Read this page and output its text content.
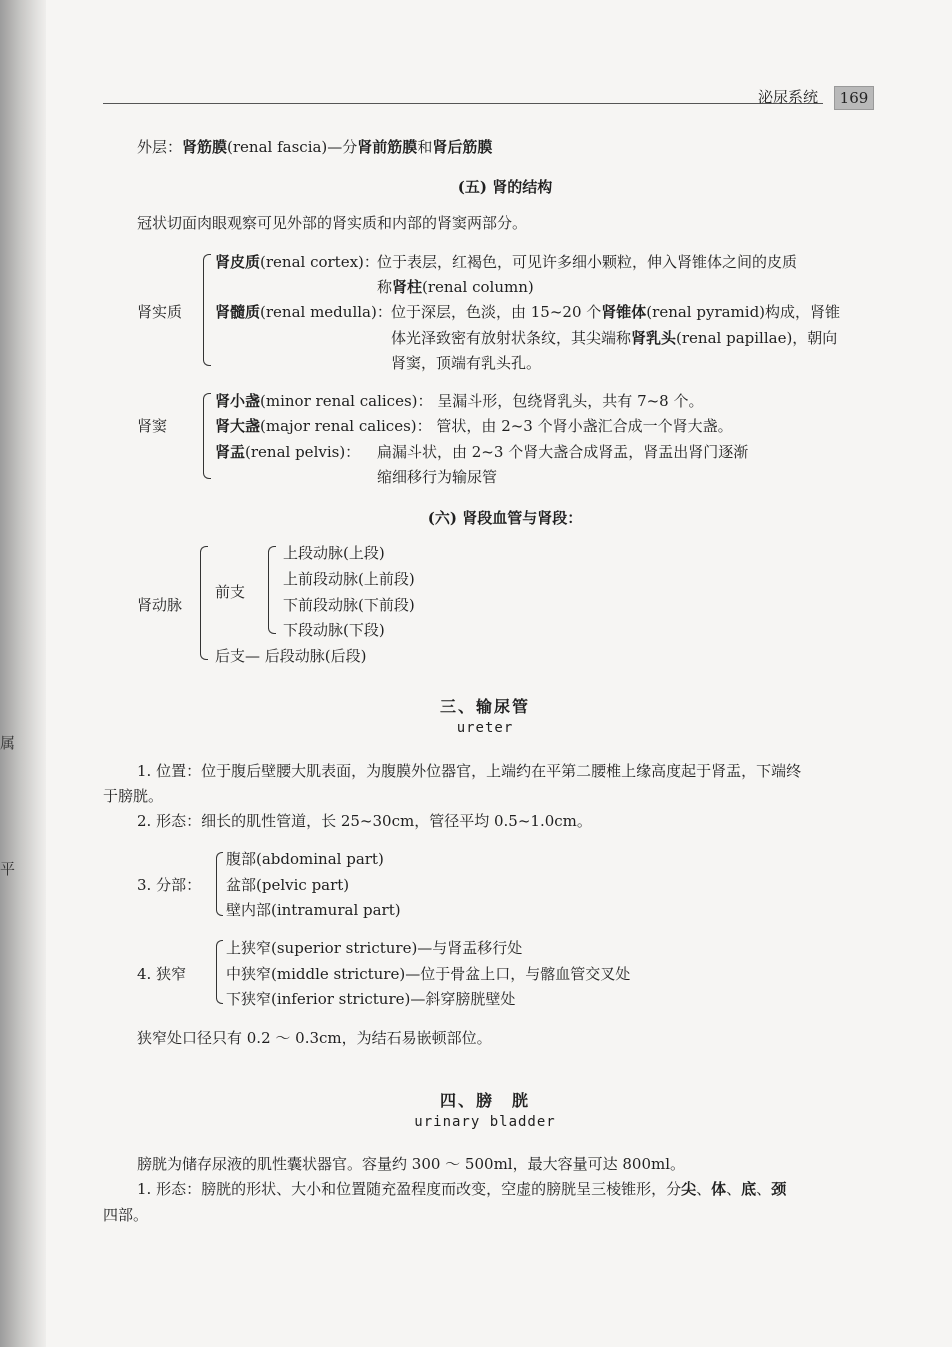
属
平
泌尿系统	169
外层：肾筋膜(renal fascia)—分肾前筋膜和肾后筋膜
(五) 肾的结构
冠状切面肉眼观察可见外部的肾实质和内部的肾窦两部分。
肾实质
肾皮质(renal cortex)：
位于表层，红褐色，可见许多细小颗粒，伸入肾锥体之间的皮质
称肾柱(renal column)
肾髓质(renal medulla)： 位于深层，色淡，由 15~20 个肾锥体(renal pyramid)构成，肾锥
体光泽致密有放射状条纹，其尖端称肾乳头(renal papillae)，朝向
肾窦，顶端有乳头孔。
肾窦
肾小盏(minor renal calices)： 呈漏斗形，包绕肾乳头，共有 7~8 个。
肾大盏(major renal calices)： 管状，由 2~3 个肾小盏汇合成一个肾大盏。
肾盂(renal pelvis)： 扁漏斗状，由 2~3 个肾大盏合成肾盂，肾盂出肾门逐渐
缩细移行为输尿管
(六) 肾段血管与肾段：
肾动脉
前支
上段动脉(上段)
上前段动脉(上前段)
下前段动脉(下前段)
下段动脉(下段)
后支— 后段动脉(后段)
三、输尿管
ureter
1. 位置：位于腹后壁腰大肌表面，为腹膜外位器官，上端约在平第二腰椎上缘高度起于肾盂，下端终
于膀胱。
2. 形态：细长的肌性管道，长 25~30cm，管径平均 0.5~1.0cm。
3. 分部：
腹部(abdominal part)
盆部(pelvic part)
壁内部(intramural part)
4. 狭窄
上狭窄(superior stricture)—与肾盂移行处
中狭窄(middle stricture)—位于骨盆上口，与髂血管交叉处
下狭窄(inferior stricture)—斜穿膀胱壁处
狭窄处口径只有 0.2 ～ 0.3cm，为结石易嵌顿部位。
四、膀　胱
urinary bladder
膀胱为储存尿液的肌性囊状器官。容量约 300 ～ 500ml，最大容量可达 800ml。
1. 形态：膀胱的形状、大小和位置随充盈程度而改变，空虚的膀胱呈三棱锥形，分尖、体、底、颈
四部。
